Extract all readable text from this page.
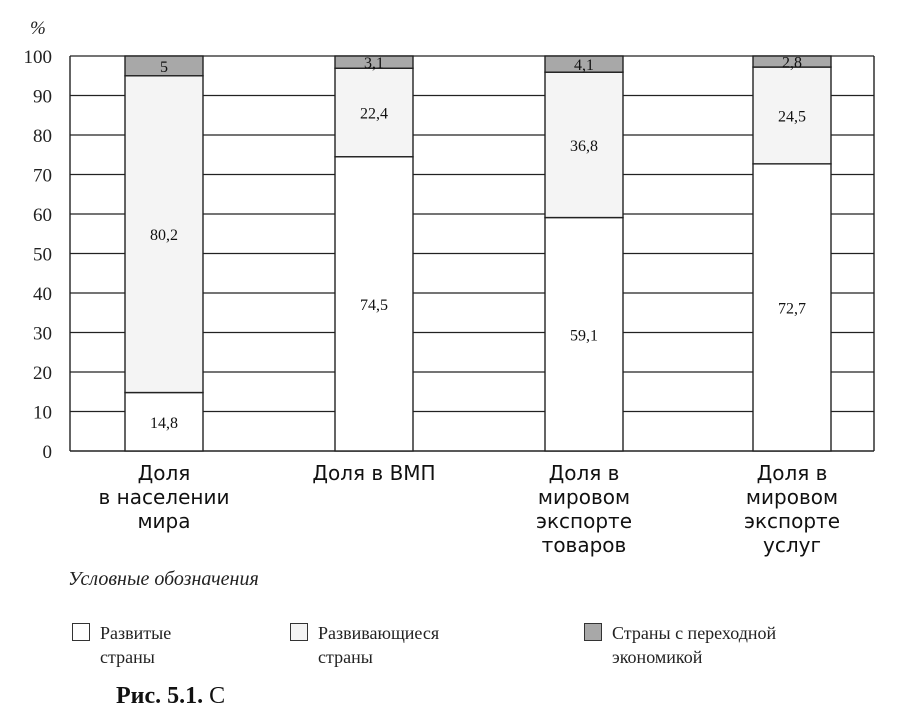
0
10
20
30
40
50
60
70
80
90
100
%
14,8
80,2
5
Доля
в населении
мира
74,5
22,4
3,1
Доля в ВМП
59,1
36,8
4,1
Доля в
мировом
экспорте
товаров
72,7
24,5
2,8
Доля в
мировом
экспорте
услуг
Условные обозначения
Развитые
страны
Развивающиеся
страны
Страны с переходной
экономикой
Рис. 5.1. С
